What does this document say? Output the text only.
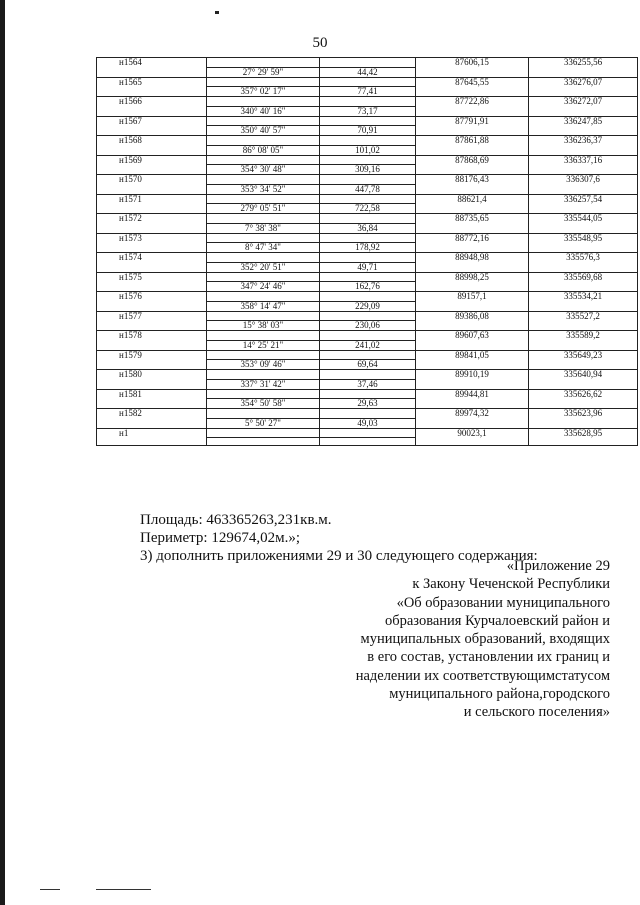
50
н1564			87606,15	336255,56
	27° 29' 59"	44,42		
н1565			87645,55	336276,07
	357° 02' 17"	77,41		
н1566			87722,86	336272,07
	340° 40' 16"	73,17		
н1567			87791,91	336247,85
	350° 40' 57"	70,91		
н1568			87861,88	336236,37
	86° 08' 05"	101,02		
н1569			87868,69	336337,16
	354° 30' 48"	309,16		
н1570			88176,43	336307,6
	353° 34' 52"	447,78		
н1571			88621,4	336257,54
	279° 05' 51"	722,58		
н1572			88735,65	335544,05
	7° 38' 38"	36,84		
н1573			88772,16	335548,95
	8° 47' 34"	178,92		
н1574			88948,98	335576,3
	352° 20' 51"	49,71		
н1575			88998,25	335569,68
	347° 24' 46"	162,76		
н1576			89157,1	335534,21
	358° 14' 47"	229,09		
н1577			89386,08	335527,2
	15° 38' 03"	230,06		
н1578			89607,63	335589,2
	14° 25' 21"	241,02		
н1579			89841,05	335649,23
	353° 09' 46"	69,64		
н1580			89910,19	335640,94
	337° 31' 42"	37,46		
н1581			89944,81	335626,62
	354° 50' 58"	29,63		
н1582			89974,32	335623,96
	5° 50' 27"	49,03		
н1			90023,1	335628,95

Площадь: 463365263,231кв.м.
Периметр: 129674,02м.»;
3) дополнить приложениями 29 и 30 следующего содержания:
«Приложение 29
к Закону Чеченской Республики
«Об образовании муниципального
образования Курчалоевский район и
муниципальных образований, входящих
в его состав, установлении их границ и
наделении их соответствующимстатусом
муниципального района,городского
и сельского поселения»
